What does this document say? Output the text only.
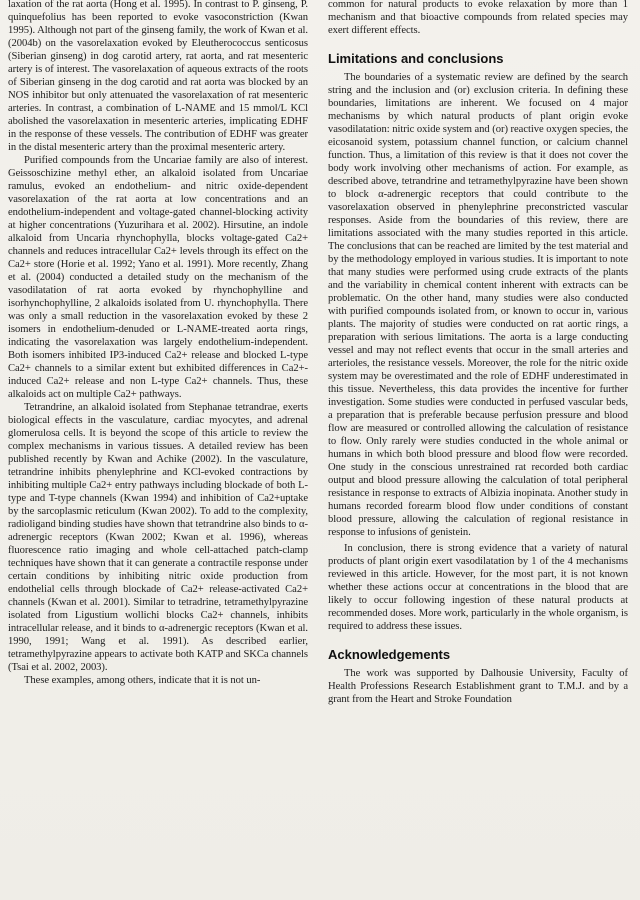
laxation of the rat aorta (Hong et al. 1995). In contrast to P. ginseng, P. quinquefolius has been reported to evoke vasoconstriction (Kwan 1995). Although not part of the ginseng family, the work of Kwan et al. (2004b) on the vasorelaxation evoked by Eleutherococcus senticosus (Siberian ginseng) in dog carotid artery, rat aorta, and rat mesenteric artery is of interest. The vasorelaxation of aqueous extracts of the roots of Siberian ginseng in the dog carotid and rat aorta was blocked by an NOS inhibitor but only attenuated the vasorelaxation of rat mesenteric arteries. In contrast, a combination of L-NAME and 15 mmol/L KCl abolished the vasorelaxation in mesenteric arteries, implicating EDHF in the response of these vessels. The contribution of EDHF was greater in the distal mesenteric artery than the proximal mesenteric artery.

Purified compounds from the Uncariae family are also of interest. Geissoschizine methyl ether, an alkaloid isolated from Uncariae ramulus, evoked an endothelium- and nitric oxide-dependent vasorelaxation of the rat aorta at low concentrations and an endothelium-independent and voltage-gated channel-blocking activity at higher concentrations (Yuzurihara et al. 2002). Hirsutine, an indole alkaloid from Uncaria rhynchophylla, blocks voltage-gated Ca2+ channels and reduces intracellular Ca2+ levels through its effect on the Ca2+ store (Horie et al. 1992; Yano et al. 1991). More recently, Zhang et al. (2004) conducted a detailed study on the mechanism of the vasodilatation of rat aorta evoked by rhynchophylline and isorhynchophylline, 2 alkaloids isolated from U. rhynchophylla. There was only a small reduction in the vasorelaxation evoked by these 2 isomers in endothelium-denuded or L-NAME-treated aorta rings, indicating the vasorelaxation was largely endothelium-independent. Both isomers inhibited IP3-induced Ca2+ release and blocked L-type Ca2+ channels to a similar extent but exhibited differences in Ca2+-induced Ca2+ release and non L-type Ca2+ channels. Thus, these alkaloids act on multiple Ca2+ pathways.

Tetrandrine, an alkaloid isolated from Stephanae tetrandrae, exerts biological effects in the vasculature, cardiac myocytes, and adrenal glomerulosa cells. It is beyond the scope of this article to review the complex mechanisms in various tissues. A detailed review has been published recently by Kwan and Achike (2002). In the vasculature, tetrandrine inhibits phenylephrine and KCl-evoked contractions by inhibiting multiple Ca2+ entry pathways including blockade of both L-type and T-type channels (Kwan 1994) and inhibition of Ca2+uptake by the sarcoplasmic reticulum (Kwan 2002). To add to the complexity, radioligand binding studies have shown that tetrandrine also binds to α-adrenergic receptors (Kwan 2002; Kwan et al. 1996), whereas fluorescence ratio imaging and whole cell-attached patch-clamp techniques have shown that it can generate a contractile response under certain conditions by inhibiting nitric oxide production from endothelial cells through blockade of Ca2+ release-activated Ca2+ channels (Kwan et al. 2001). Similar to tetradrine, tetramethylpyrazine isolated from Ligustium wollichi blocks Ca2+ channels, inhibits intracellular release, and it binds to α-adrenergic receptors (Kwan et al. 1990, 1991; Wang et al. 1991). As described earlier, tetramethylpyrazine appears to activate both KATP and SKCa channels (Tsai et al. 2002, 2003).

These examples, among others, indicate that it is not un-

common for natural products to evoke relaxation by more than 1 mechanism and that bioactive compounds from related species may exert different effects.

Limitations and conclusions

The boundaries of a systematic review are defined by the search string and the inclusion and (or) exclusion criteria. In defining these boundaries, limitations are inherent. We focused on 4 major mechanisms by which natural products of plant origin evoke vasodilatation: nitric oxide system and (or) reactive oxygen species, the eicosanoid system, potassium channel function, or calcium channel function. Thus, a limitation of this review is that it does not cover the body work involving other mechanisms of action. For example, as described above, tetrandrine and tetramethylpyrazine have been shown to block α-adrenergic receptors that could contribute to the vasorelaxation observed in phenylephrine preconstricted vascular responses. Aside from the boundaries of this review, there are limitations associated with the many studies reported in this article. The conclusions that can be reached are limited by the test material and by the methodology employed in various studies. It is important to note that many studies were performed using crude extracts of the plants and the variability in chemical content inherent with extracts can be problematic. On the other hand, many studies were also conducted with purified compounds isolated from, or known to occur in, various plants. The majority of studies were conducted on rat aortic rings, a preparation with serious limitations. The aorta is a large conducting vessel and may not reflect events that occur in the small arteries and arterioles, the resistance vessels. Moreover, the role for the nitric oxide system may be overestimated and the role of EDHF underestimated in this tissue. Nevertheless, this data provides the incentive for further investigation. Some studies were conducted in perfused vascular beds, a preparation that is preferable because perfusion pressure and blood flow are measured or controlled allowing the calculation of resistance to flow. Only rarely were studies conducted in the whole animal or humans in which both blood pressure and blood flow were recorded. One study in the conscious unrestrained rat recorded both cardiac output and blood pressure allowing the calculation of total peripheral resistance in response to extracts of Albizia inopinata. Another study in humans recorded forearm blood flow under conditions of constant blood pressure, allowing the calculation of regional resistance in response to infusions of genistein.

In conclusion, there is strong evidence that a variety of natural products of plant origin exert vasodilatation by 1 of the 4 mechanisms reviewed in this article. However, for the most part, it is not known whether these actions occur at concentrations in the blood that are likely to occur following ingestion of these natural products at recommended doses. More work, particularly in the whole organism, is required to address these issues.

Acknowledgements

The work was supported by Dalhousie University, Faculty of Health Professions Research Establishment grant to T.M.J. and by a grant from the Heart and Stroke Foundation
